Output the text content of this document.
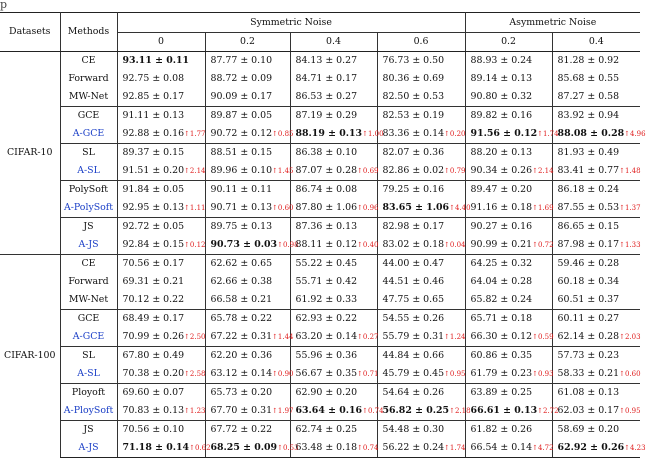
p
Datasets	Methods	Symmetric Noise				Asymmetric Noise	
		0	0.2	0.4	0.6	0.2	0.4
CIFAR-10	CE	93.11 ± 0.11	87.77 ± 0.10	84.13 ± 0.27	76.73 ± 0.50	88.93 ± 0.24	81.28 ± 0.92
	Forward	92.75 ± 0.08	88.72 ± 0.09	84.71 ± 0.17	80.36 ± 0.69	89.14 ± 0.13	85.68 ± 0.55
	MW-Net	92.85 ± 0.17	90.09 ± 0.17	86.53 ± 0.27	82.50 ± 0.53	90.80 ± 0.32	87.27 ± 0.58
	GCE	91.11 ± 0.13	89.87 ± 0.05	87.19 ± 0.29	82.53 ± 0.19	89.82 ± 0.16	83.92 ± 0.94
	A-GCE	92.88 ± 0.16↑1.77	90.72 ± 0.12↑0.85	88.19 ± 0.13↑1.00	83.36 ± 0.14↑0.20	91.56 ± 0.12↑1.74	88.08 ± 0.28↑4.96
	SL	89.37 ± 0.15	88.51 ± 0.15	86.38 ± 0.10	82.07 ± 0.36	88.20 ± 0.13	81.93 ± 0.49
	A-SL	91.51 ± 0.20↑2.14	89.96 ± 0.10↑1.45	87.07 ± 0.28↑0.69	82.86 ± 0.02↑0.79	90.34 ± 0.26↑2.14	83.41 ± 0.77↑1.48
	PolySoft	91.84 ± 0.05	90.11 ± 0.11	86.74 ± 0.08	79.25 ± 0.16	89.47 ± 0.20	86.18 ± 0.24
	A-PolySoft	92.95 ± 0.13↑1.11	90.71 ± 0.13↑0.60	87.80 ± 1.06↑0.96	83.65 ± 1.06↑4.40	91.16 ± 0.18↑1.69	87.55 ± 0.53↑1.37
	JS	92.72 ± 0.05	89.75 ± 0.13	87.36 ± 0.13	82.98 ± 0.17	90.27 ± 0.16	86.65 ± 0.15
	A-JS	92.84 ± 0.15↑0.12	90.73 ± 0.03↑0.98	88.11 ± 0.12↑0.40	83.02 ± 0.18↑0.04	90.99 ± 0.21↑0.72	87.98 ± 0.17↑1.33
CIFAR-100	CE	70.56 ± 0.17	62.62 ± 0.65	55.22 ± 0.45	44.00 ± 0.47	64.25 ± 0.32	59.46 ± 0.28
	Forward	69.31 ± 0.21	62.66 ± 0.38	55.71 ± 0.42	44.51 ± 0.46	64.04 ± 0.28	60.18 ± 0.34
	MW-Net	70.12 ± 0.22	66.58 ± 0.21	61.92 ± 0.33	47.75 ± 0.65	65.82 ± 0.24	60.51 ± 0.37
	GCE	68.49 ± 0.17	65.78 ± 0.22	62.93 ± 0.22	54.55 ± 0.26	65.71 ± 0.18	60.11 ± 0.27
	A-GCE	70.99 ± 0.26↑2.50	67.22 ± 0.31↑1.44	63.20 ± 0.14↑0.27	55.79 ± 0.31↑1.24	66.30 ± 0.12↑0.59	62.14 ± 0.28↑2.03
	SL	67.80 ± 0.49	62.20 ± 0.36	55.96 ± 0.36	44.84 ± 0.66	60.86 ± 0.35	57.73 ± 0.23
	A-SL	70.38 ± 0.20↑2.58	63.12 ± 0.14↑0.90	56.67 ± 0.35↑0.71	45.79 ± 0.45↑0.95	61.79 ± 0.23↑0.93	58.33 ± 0.21↑0.60
	Ployoft	69.60 ± 0.07	65.73 ± 0.20	62.90 ± 0.20	54.64 ± 0.26	63.89 ± 0.25	61.08 ± 0.13
	A-PloySoft	70.83 ± 0.13↑1.23	67.70 ± 0.31↑1.97	63.64 ± 0.16↑0.74	56.82 ± 0.25↑2.18	66.61 ± 0.13↑2.72	62.03 ± 0.17↑0.95
	JS	70.56 ± 0.10	67.72 ± 0.22	62.74 ± 0.25	54.48 ± 0.30	61.82 ± 0.26	58.69 ± 0.20
	A-JS	71.18 ± 0.14↑0.62	68.25 ± 0.09↑0.53	63.48 ± 0.18↑0.74	56.22 ± 0.24↑1.74	66.54 ± 0.14↑4.72	62.92 ± 0.26↑4.23
